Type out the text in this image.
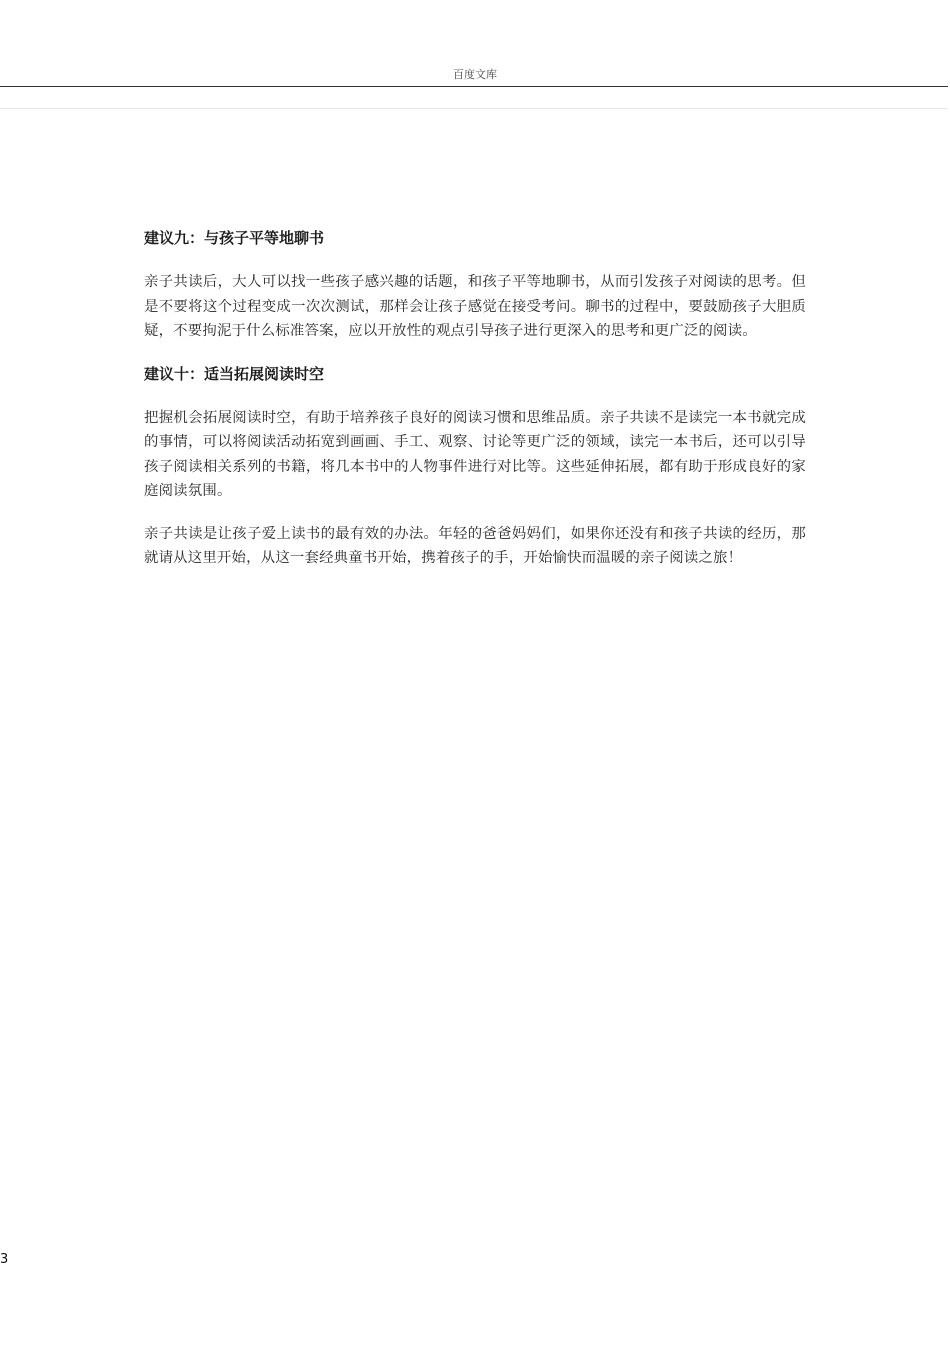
百度文库
建议九：与孩子平等地聊书

亲子共读后，大人可以找一些孩子感兴趣的话题，和孩子平等地聊书，从而引发孩子对阅读的思考。但是不要将这个过程变成一次次测试，那样会让孩子感觉在接受考问。聊书的过程中，要鼓励孩子大胆质疑，不要拘泥于什么标准答案，应以开放性的观点引导孩子进行更深入的思考和更广泛的阅读。

建议十：适当拓展阅读时空

把握机会拓展阅读时空，有助于培养孩子良好的阅读习惯和思维品质。亲子共读不是读完一本书就完成的事情，可以将阅读活动拓宽到画画、手工、观察、讨论等更广泛的领域，读完一本书后，还可以引导孩子阅读相关系列的书籍，将几本书中的人物事件进行对比等。这些延伸拓展，都有助于形成良好的家庭阅读氛围。

亲子共读是让孩子爱上读书的最有效的办法。年轻的爸爸妈妈们，如果你还没有和孩子共读的经历，那就请从这里开始，从这一套经典童书开始，携着孩子的手，开始愉快而温暖的亲子阅读之旅！

3
